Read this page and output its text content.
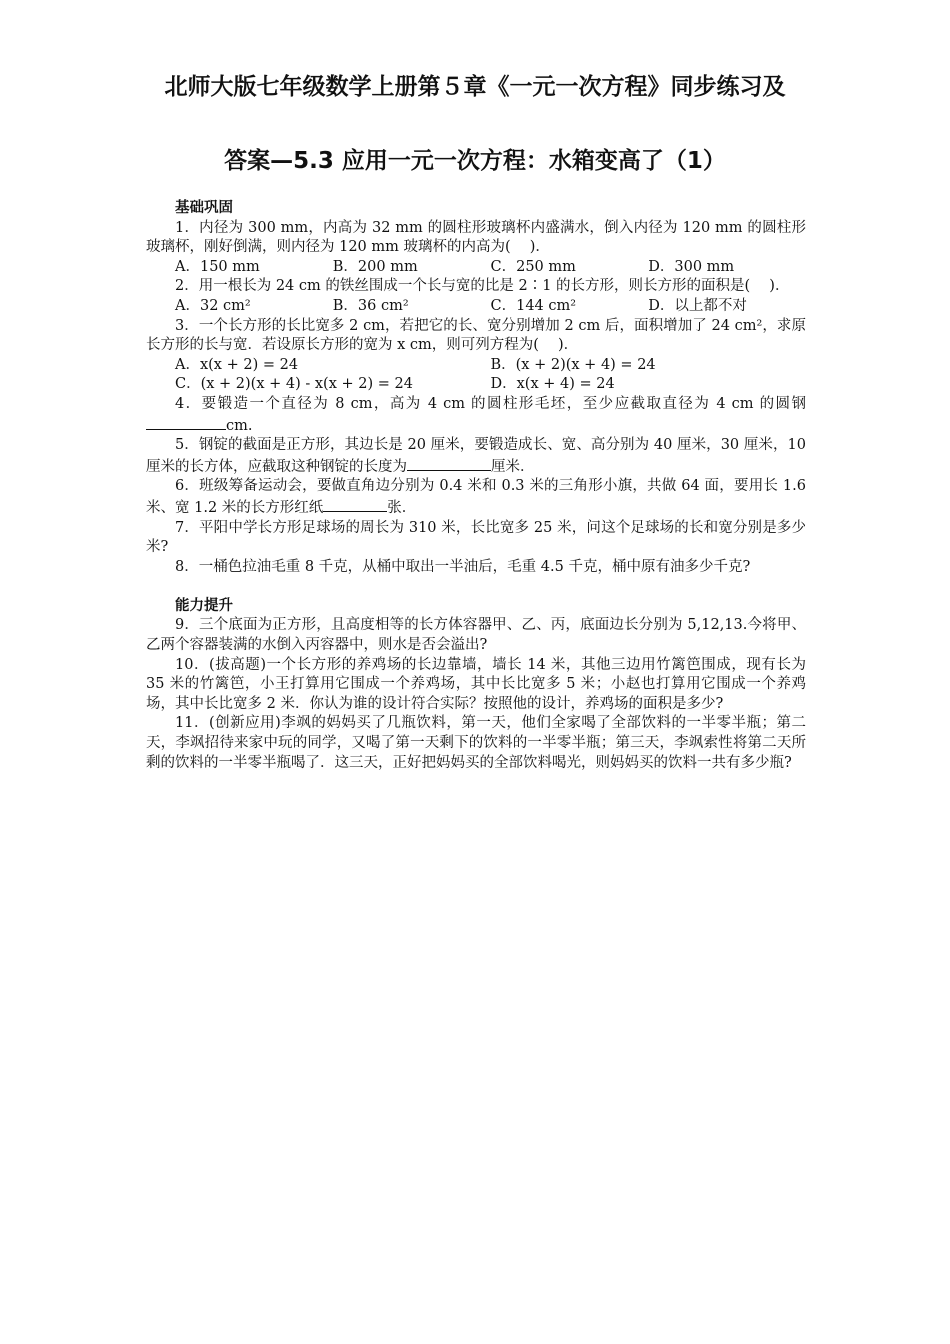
北师大版七年级数学上册第５章《一元一次方程》同步练习及
答案—5.3 应用一元一次方程：水箱变高了（1）

基础巩固

1．内径为 300 mm，内高为 32 mm 的圆柱形玻璃杯内盛满水，倒入内径为 120 mm 的圆柱形玻璃杯，刚好倒满，则内径为 120 mm 玻璃杯的内高为(　 )．

A．150 mm	B．200 mm	C．250 mm	D．300 mm

2．用一根长为 24 cm 的铁丝围成一个长与宽的比是 2∶1 的长方形，则长方形的面积是(　 )．

A．32 cm²	B．36 cm²	C．144 cm²	D．以上都不对

3．一个长方形的长比宽多 2 cm，若把它的长、宽分别增加 2 cm 后，面积增加了 24 cm²，求原长方形的长与宽．若设原长方形的宽为 x cm，则可列方程为(　 )．

A．x(x + 2) = 24	B．(x + 2)(x + 4) = 24
C．(x + 2)(x + 4) - x(x + 2) = 24	D．x(x + 4) = 24

4．要锻造一个直径为 8 cm，高为 4 cm 的圆柱形毛坯，至少应截取直径为 4 cm 的圆钢cm.

5．钢锭的截面是正方形，其边长是 20 厘米，要锻造成长、宽、高分别为 40 厘米，30 厘米，10 厘米的长方体，应截取这种钢锭的长度为	厘米．

6．班级筹备运动会，要做直角边分别为 0.4 米和 0.3 米的三角形小旗，共做 64 面，要用长 1.6 米、宽 1.2 米的长方形红纸	张．

7．平阳中学长方形足球场的周长为 310 米，长比宽多 25 米，问这个足球场的长和宽分别是多少米?

8．一桶色拉油毛重 8 千克，从桶中取出一半油后，毛重 4.5 千克，桶中原有油多少千克?

能力提升

9．三个底面为正方形，且高度相等的长方体容器甲、乙、丙，底面边长分别为 5,12,13.今将甲、乙两个容器装满的水倒入丙容器中，则水是否会溢出?

10．(拔高题)一个长方形的养鸡场的长边靠墙，墙长 14 米，其他三边用竹篱笆围成，现有长为 35 米的竹篱笆，小王打算用它围成一个养鸡场，其中长比宽多 5 米；小赵也打算用它围成一个养鸡场，其中长比宽多 2 米．你认为谁的设计符合实际？按照他的设计，养鸡场的面积是多少?

11．(创新应用)李飒的妈妈买了几瓶饮料，第一天，他们全家喝了全部饮料的一半零半瓶；第二天，李飒招待来家中玩的同学，又喝了第一天剩下的饮料的一半零半瓶；第三天，李飒索性将第二天所剩的饮料的一半零半瓶喝了．这三天，正好把妈妈买的全部饮料喝光，则妈妈买的饮料一共有多少瓶?
